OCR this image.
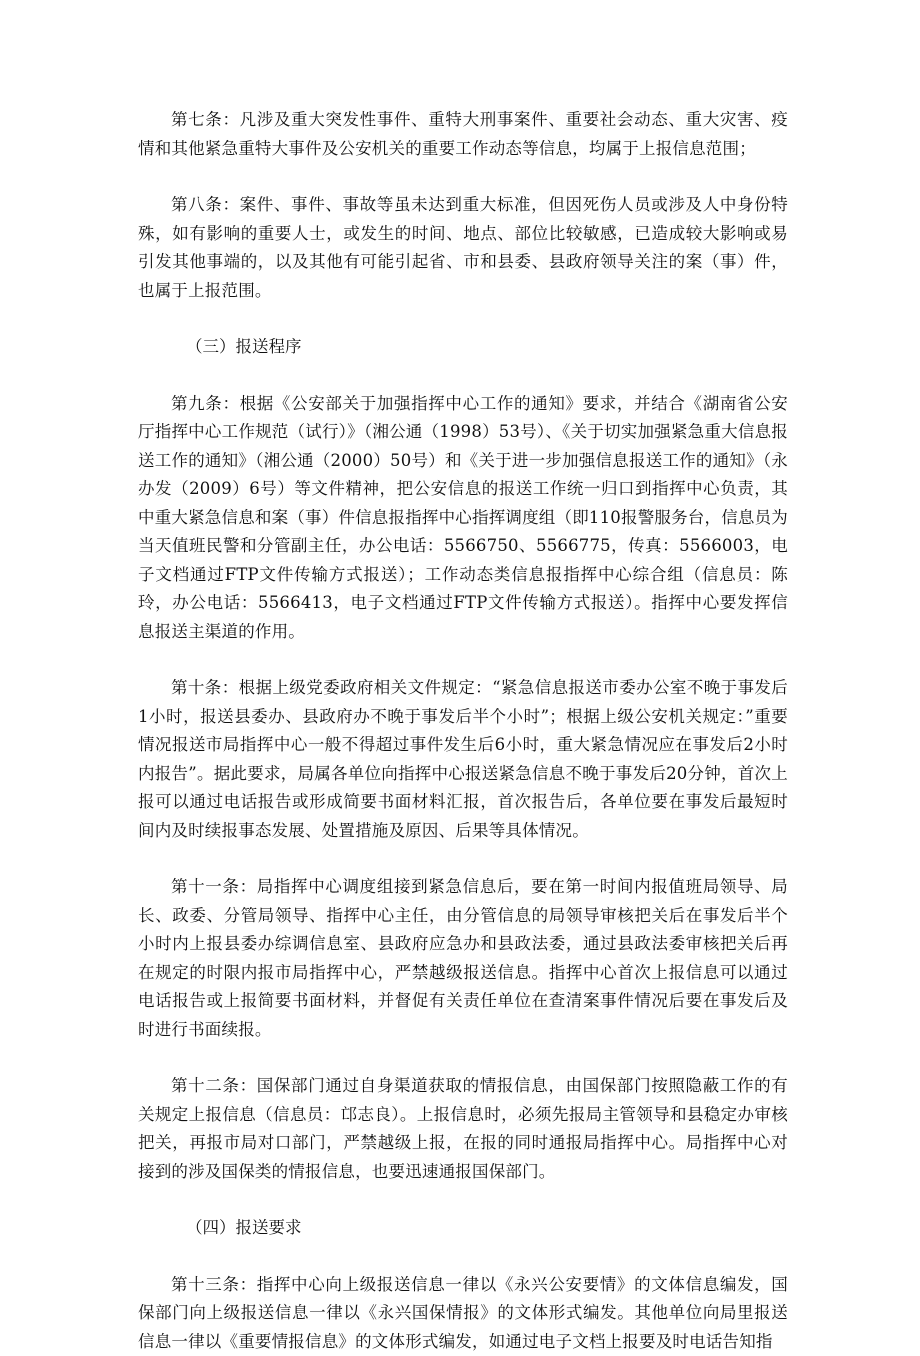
第七条：凡涉及重大突发性事件、重特大刑事案件、重要社会动态、重大灾害、疫情和其他紧急重特大事件及公安机关的重要工作动态等信息，均属于上报信息范围；

第八条：案件、事件、事故等虽未达到重大标准，但因死伤人员或涉及人中身份特殊，如有影响的重要人士，或发生的时间、地点、部位比较敏感，已造成较大影响或易引发其他事端的，以及其他有可能引起省、市和县委、县政府领导关注的案（事）件，也属于上报范围。

（三）报送程序

第九条：根据《公安部关于加强指挥中心工作的通知》要求，并结合《湖南省公安厅指挥中心工作规范（试行）》（湘公通（1998）53号）、《关于切实加强紧急重大信息报送工作的通知》（湘公通（2000）50号）和《关于进一步加强信息报送工作的通知》（永办发（2009）6号）等文件精神，把公安信息的报送工作统一归口到指挥中心负责，其中重大紧急信息和案（事）件信息报指挥中心指挥调度组（即110报警服务台，信息员为当天值班民警和分管副主任，办公电话：5566750、5566775，传真：5566003，电子文档通过FTP文件传输方式报送）；工作动态类信息报指挥中心综合组（信息员：陈玲，办公电话：5566413，电子文档通过FTP文件传输方式报送）。指挥中心要发挥信息报送主渠道的作用。

第十条：根据上级党委政府相关文件规定：“紧急信息报送市委办公室不晚于事发后1小时，报送县委办、县政府办不晚于事发后半个小时”；根据上级公安机关规定：”重要情况报送市局指挥中心一般不得超过事件发生后6小时，重大紧急情况应在事发后2小时内报告”。据此要求，局属各单位向指挥中心报送紧急信息不晚于事发后20分钟，首次上报可以通过电话报告或形成简要书面材料汇报，首次报告后，各单位要在事发后最短时间内及时续报事态发展、处置措施及原因、后果等具体情况。

第十一条：局指挥中心调度组接到紧急信息后，要在第一时间内报值班局领导、局长、政委、分管局领导、指挥中心主任，由分管信息的局领导审核把关后在事发后半个小时内上报县委办综调信息室、县政府应急办和县政法委，通过县政法委审核把关后再在规定的时限内报市局指挥中心，严禁越级报送信息。指挥中心首次上报信息可以通过电话报告或上报简要书面材料，并督促有关责任单位在查清案事件情况后要在事发后及时进行书面续报。

第十二条：国保部门通过自身渠道获取的情报信息，由国保部门按照隐蔽工作的有关规定上报信息（信息员：邙志良）。上报信息时，必须先报局主管领导和县稳定办审核把关，再报市局对口部门，严禁越级上报，在报的同时通报局指挥中心。局指挥中心对接到的涉及国保类的情报信息，也要迅速通报国保部门。

（四）报送要求

第十三条：指挥中心向上级报送信息一律以《永兴公安要情》的文体信息编发，国保部门向上级报送信息一律以《永兴国保情报》的文体形式编发。其他单位向局里报送信息一律以《重要情报信息》的文体形式编发，如通过电子文档上报要及时电话告知指
